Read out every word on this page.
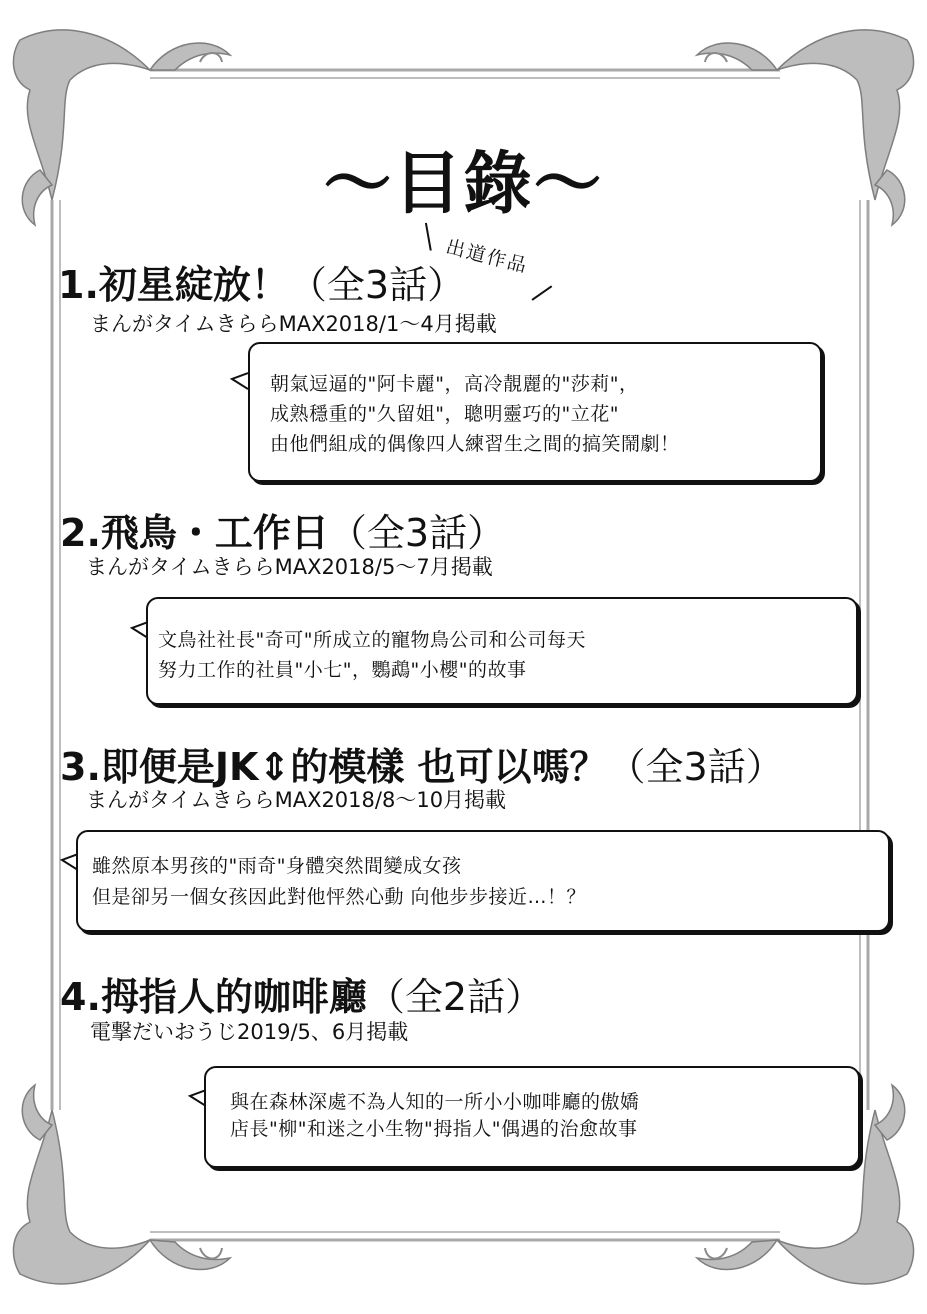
～目錄～
出道作品
1.初星綻放！（全3話）
まんがタイムきららMAX2018/1～4月掲載
朝氣逗逼的"阿卡麗"，高冷靚麗的"莎莉"，
成熟穩重的"久留姐"，聰明靈巧的"立花"
由他們組成的偶像四人練習生之間的搞笑鬧劇！
2.飛鳥・工作日（全3話）
まんがタイムきららMAX2018/5～7月掲載
文鳥社社長"奇可"所成立的寵物鳥公司和公司每天
努力工作的社員"小七"，鸚鵡"小櫻"的故事
3.即便是JK⇕的模樣 也可以嗎？（全3話）
まんがタイムきららMAX2018/8～10月掲載
雖然原本男孩的"雨奇"身體突然間變成女孩
但是卻另一個女孩因此對他怦然心動 向他步步接近…！？
4.拇指人的咖啡廳（全2話）
電撃だいおうじ2019/5、6月掲載
與在森林深處不為人知的一所小小咖啡廳的傲嬌
店長"柳"和迷之小生物"拇指人"偶遇的治愈故事
